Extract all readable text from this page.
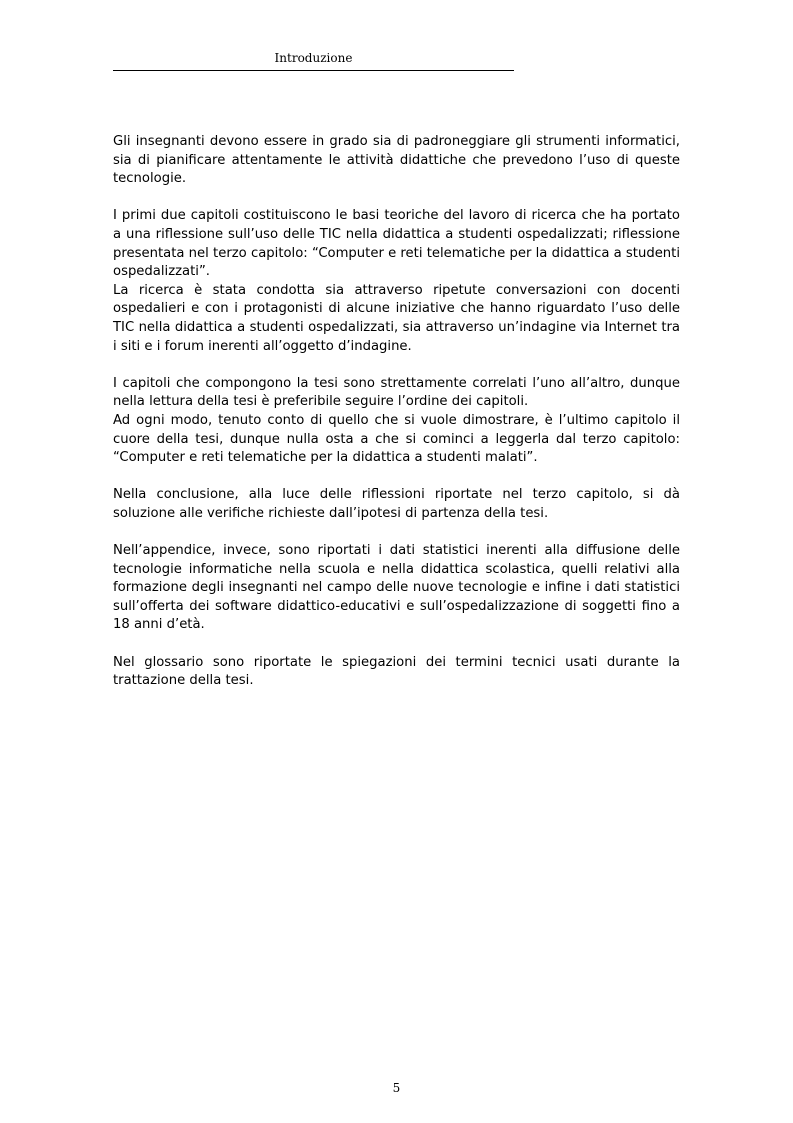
Introduzione

Gli insegnanti devono essere in grado sia di padroneggiare gli strumenti informatici, sia di pianificare attentamente le attività didattiche che prevedono l’uso di queste tecnologie.

I primi due capitoli costituiscono le basi teoriche del lavoro di ricerca che ha portato a una riflessione sull’uso delle TIC nella didattica a studenti ospedalizzati; riflessione presentata nel terzo capitolo: “Computer e reti telematiche per la didattica a studenti ospedalizzati”.

La ricerca è stata condotta sia attraverso ripetute conversazioni con docenti ospedalieri e con i protagonisti di alcune iniziative che hanno riguardato l’uso delle TIC nella didattica a studenti ospedalizzati, sia attraverso un’indagine via Internet tra i siti e i forum inerenti all’oggetto d’indagine.

I capitoli che compongono la tesi sono strettamente correlati l’uno all’altro, dunque nella lettura della tesi è preferibile seguire l’ordine dei capitoli.

Ad ogni modo, tenuto conto di quello che si vuole dimostrare, è l’ultimo capitolo il cuore della tesi, dunque nulla osta a che si cominci a leggerla dal terzo capitolo: “Computer e reti telematiche per la didattica a studenti malati”.

Nella conclusione, alla luce delle riflessioni riportate nel terzo capitolo, si dà soluzione alle verifiche richieste dall’ipotesi di partenza della tesi.

Nell’appendice, invece, sono riportati i dati statistici inerenti alla diffusione delle tecnologie informatiche nella scuola e nella didattica scolastica, quelli relativi alla formazione degli insegnanti nel campo delle nuove tecnologie e infine i dati statistici sull’offerta dei software didattico-educativi e sull’ospedalizzazione di soggetti fino a 18 anni d’età.

Nel glossario sono riportate le spiegazioni dei termini tecnici usati durante la trattazione della tesi.

5
